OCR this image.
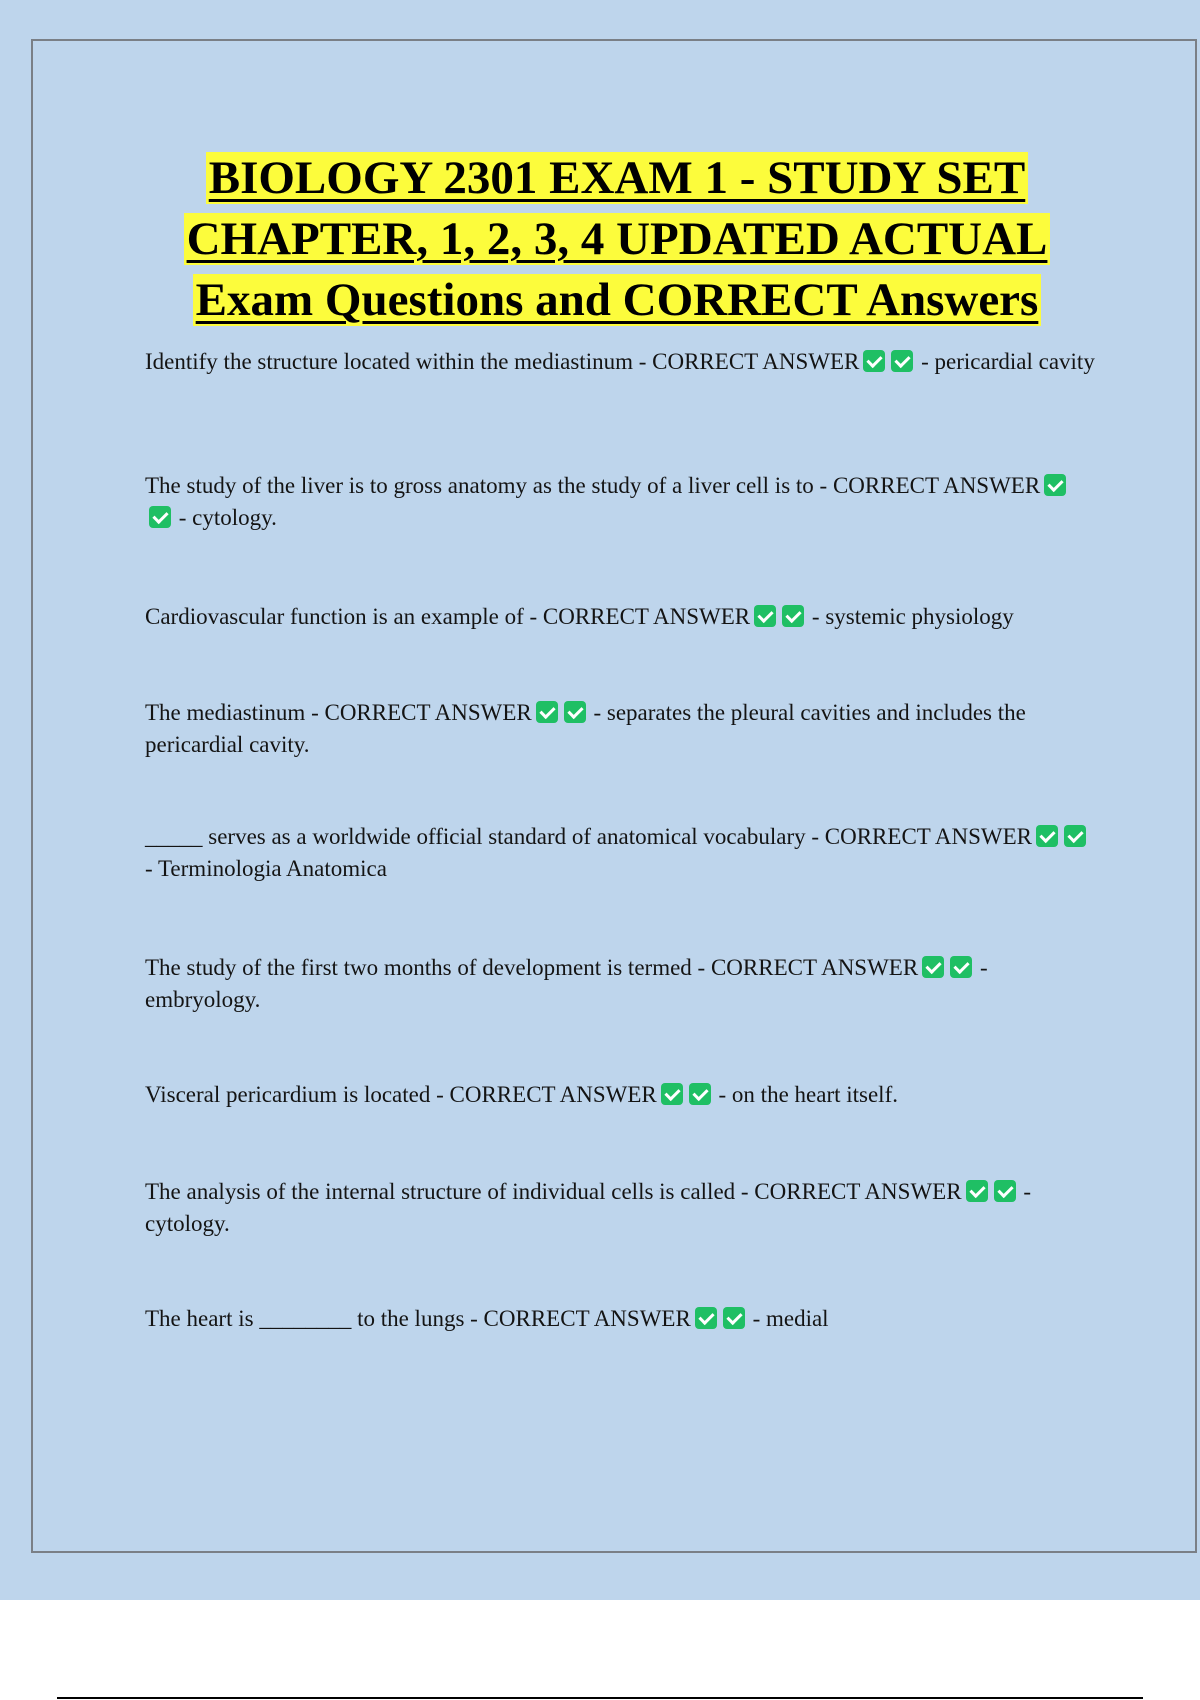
BIOLOGY 2301 EXAM 1 - STUDY SET
CHAPTER, 1, 2, 3, 4 UPDATED ACTUAL
Exam Questions and CORRECT Answers
Identify the structure located within the mediastinum - CORRECT ANSWER	- pericardial cavity
The study of the liver is to gross anatomy as the study of a liver cell is to - CORRECT ANSWER - cytology.
Cardiovascular function is an example of - CORRECT ANSWER	- systemic physiology
The mediastinum - CORRECT ANSWER	- separates the pleural cavities and includes the pericardial cavity.
_____ serves as a worldwide official standard of anatomical vocabulary - CORRECT ANSWER - Terminologia Anatomica
The study of the first two months of development is termed - CORRECT ANSWER	- embryology.
Visceral pericardium is located - CORRECT ANSWER	- on the heart itself.
The analysis of the internal structure of individual cells is called - CORRECT ANSWER	- cytology.
The heart is ________ to the lungs - CORRECT ANSWER	- medial
